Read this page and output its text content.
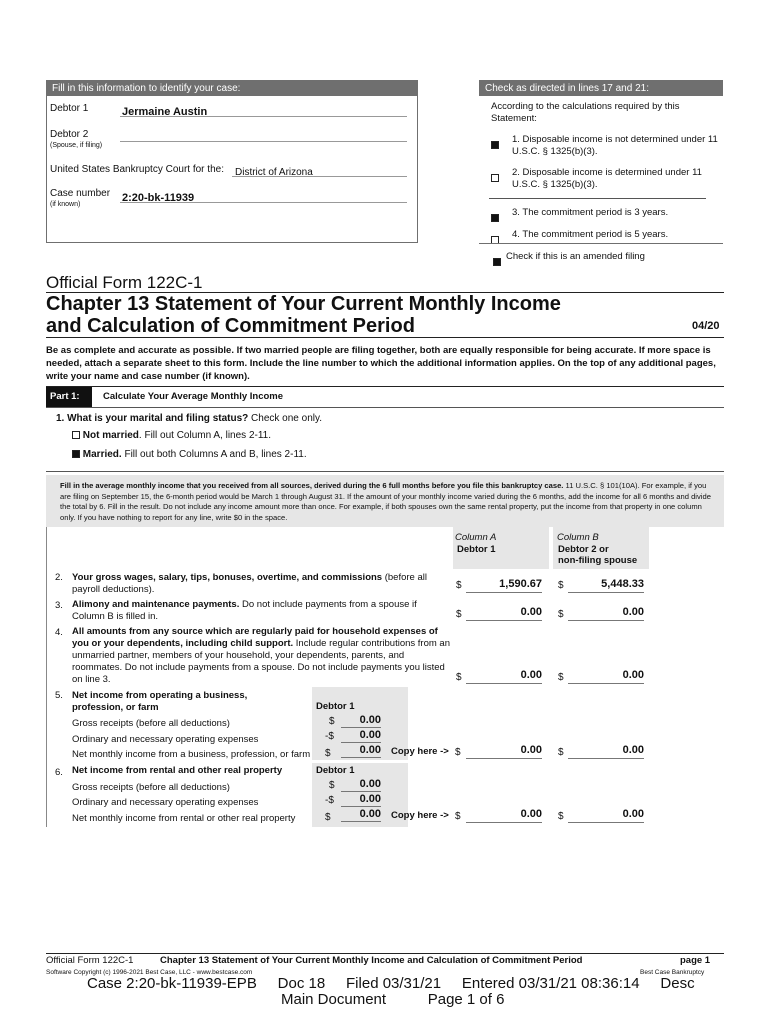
Fill in this information to identify your case:
Debtor 1	Jermaine Austin
Debtor 2
(Spouse, if filing)
United States Bankruptcy Court for the:	District of Arizona
Case number
(if known)
2:20-bk-11939
Check as directed in lines 17 and 21:
According to the calculations required by this Statement:
1. Disposable income is not determined under 11 U.S.C. § 1325(b)(3).
2. Disposable income is determined under 11 U.S.C. § 1325(b)(3).
3. The commitment period is 3 years.
4. The commitment period is 5 years.
Check if this is an amended filing
Official Form 122C-1
Chapter 13 Statement of Your Current Monthly Income
and Calculation of Commitment Period	04/20
Be as complete and accurate as possible. If two married people are filing together, both are equally responsible for being accurate. If more space is needed, attach a separate sheet to this form. Include the line number to which the additional information applies. On the top of any additional pages, write your name and case number (if known).
Part 1:	Calculate Your Average Monthly Income
1. What is your marital and filing status? Check one only.
Not married. Fill out Column A, lines 2-11.
Married. Fill out both Columns A and B, lines 2-11.
Fill in the average monthly income that you received from all sources, derived during the 6 full months before you file this bankruptcy case. 11 U.S.C. § 101(10A). For example, if you are filing on September 15, the 6-month period would be March 1 through August 31. If the amount of your monthly income varied during the 6 months, add the income for all 6 months and divide the total by 6. Fill in the result. Do not include any income amount more than once. For example, if both spouses own the same rental property, put the income from that property in one column only. If you have nothing to report for any line, write $0 in the space.
Column A
Debtor 1
Column B
Debtor 2 or
non-filing spouse
2. Your gross wages, salary, tips, bonuses, overtime, and commissions (before all payroll deductions).	$	1,590.67 $	5,448.33
3. Alimony and maintenance payments. Do not include payments from a spouse if Column B is filled in.	$	0.00 $	0.00
4. All amounts from any source which are regularly paid for household expenses of you or your dependents, including child support. Include regular contributions from an unmarried partner, members of your household, your dependents, parents, and roommates. Do not include payments from a spouse. Do not include payments you listed on line 3.	$	0.00 $	0.00
5. Net income from operating a business,
profession, or farm	Debtor 1
Gross receipts (before all deductions)	$	0.00
Ordinary and necessary operating expenses	-$	0.00
Net monthly income from a business, profession, or farm $	0.00 Copy here -> $	0.00 $	0.00
6. Net income from rental and other real property	Debtor 1
Gross receipts (before all deductions)	$	0.00
Ordinary and necessary operating expenses	-$	0.00
Net monthly income from rental or other real property	$	0.00 Copy here -> $	0.00 $	0.00
Official Form 122C-1	Chapter 13 Statement of Your Current Monthly Income and Calculation of Commitment Period	page 1
Software Copyright (c) 1996-2021 Best Case, LLC - www.bestcase.com	Best Case Bankruptcy
Case 2:20-bk-11939-EPB     Doc 18     Filed 03/31/21     Entered 03/31/21 08:36:14     Desc
Main Document          Page 1 of 6
